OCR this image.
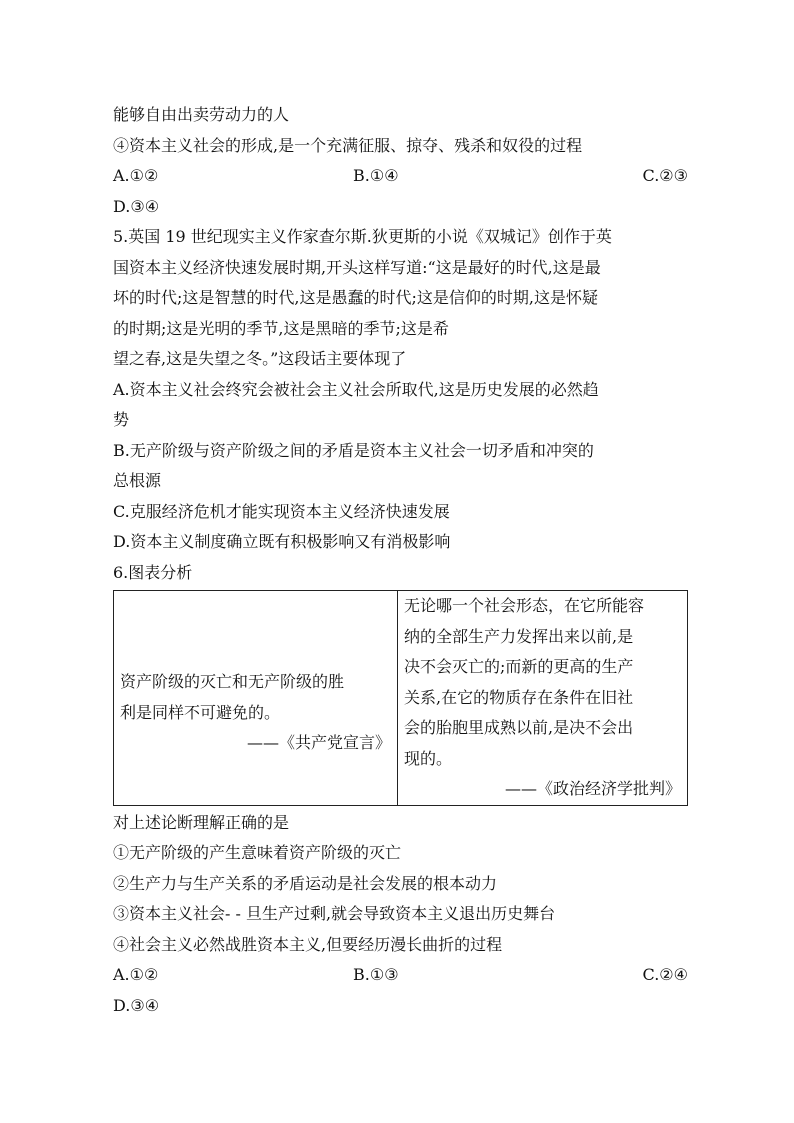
能够自由出卖劳动力的人
④资本主义社会的形成,是一个充满征服、掠夺、残杀和奴役的过程
A.①②	B.①④	C.②③
D.③④
5.英国 19 世纪现实主义作家查尔斯.狄更斯的小说《双城记》创作于英
国资本主义经济快速发展时期,开头这样写道:“这是最好的时代,这是最
坏的时代;这是智慧的时代,这是愚蠢的时代;这是信仰的时期,这是怀疑
的时期;这是光明的季节,这是黑暗的季节;这是希
望之春,这是失望之冬。”这段话主要体现了
A.资本主义社会终究会被社会主义社会所取代,这是历史发展的必然趋
势
B.无产阶级与资产阶级之间的矛盾是资本主义社会一切矛盾和冲突的
总根源
C.克服经济危机才能实现资本主义经济快速发展
D.资本主义制度确立既有积极影响又有消极影响
6.图表分析
资产阶级的灭亡和无产阶级的胜
利是同样不可避免的。
——《共产党宣言》

无论哪一个社会形态，在它所能容
纳的全部生产力发挥出来以前,是
决不会灭亡的;而新的更高的生产
关系,在它的物质存在条件在旧社
会的胎胞里成熟以前,是决不会出
现的。
——《政治经济学批判》
对上述论断理解正确的是
①无产阶级的产生意味着资产阶级的灭亡
②生产力与生产关系的矛盾运动是社会发展的根本动力
③资本主义社会- - 旦生产过剩,就会导致资本主义退出历史舞台
④社会主义必然战胜资本主义,但要经历漫长曲折的过程
A.①②	B.①③	C.②④
D.③④
